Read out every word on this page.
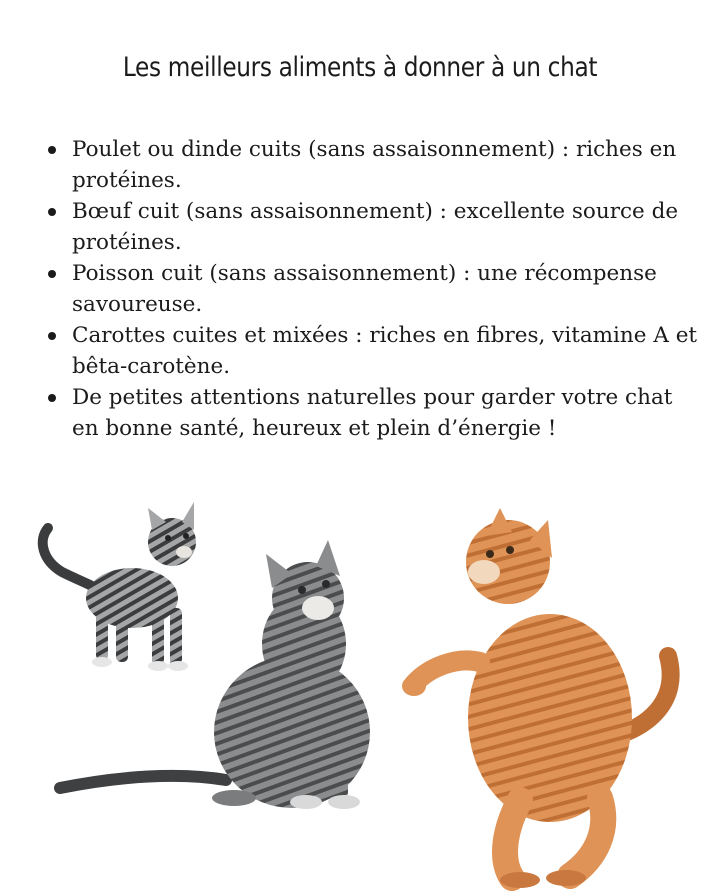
Les meilleurs aliments à donner à un chat
Poulet ou dinde cuits (sans assaisonnement) : riches en protéines.
Bœuf cuit (sans assaisonnement) : excellente source de protéines.
Poisson cuit (sans assaisonnement) : une récompense savoureuse.
Carottes cuites et mixées : riches en fibres, vitamine A et bêta-carotène.
De petites attentions naturelles pour garder votre chat en bonne santé, heureux et plein d’énergie !
